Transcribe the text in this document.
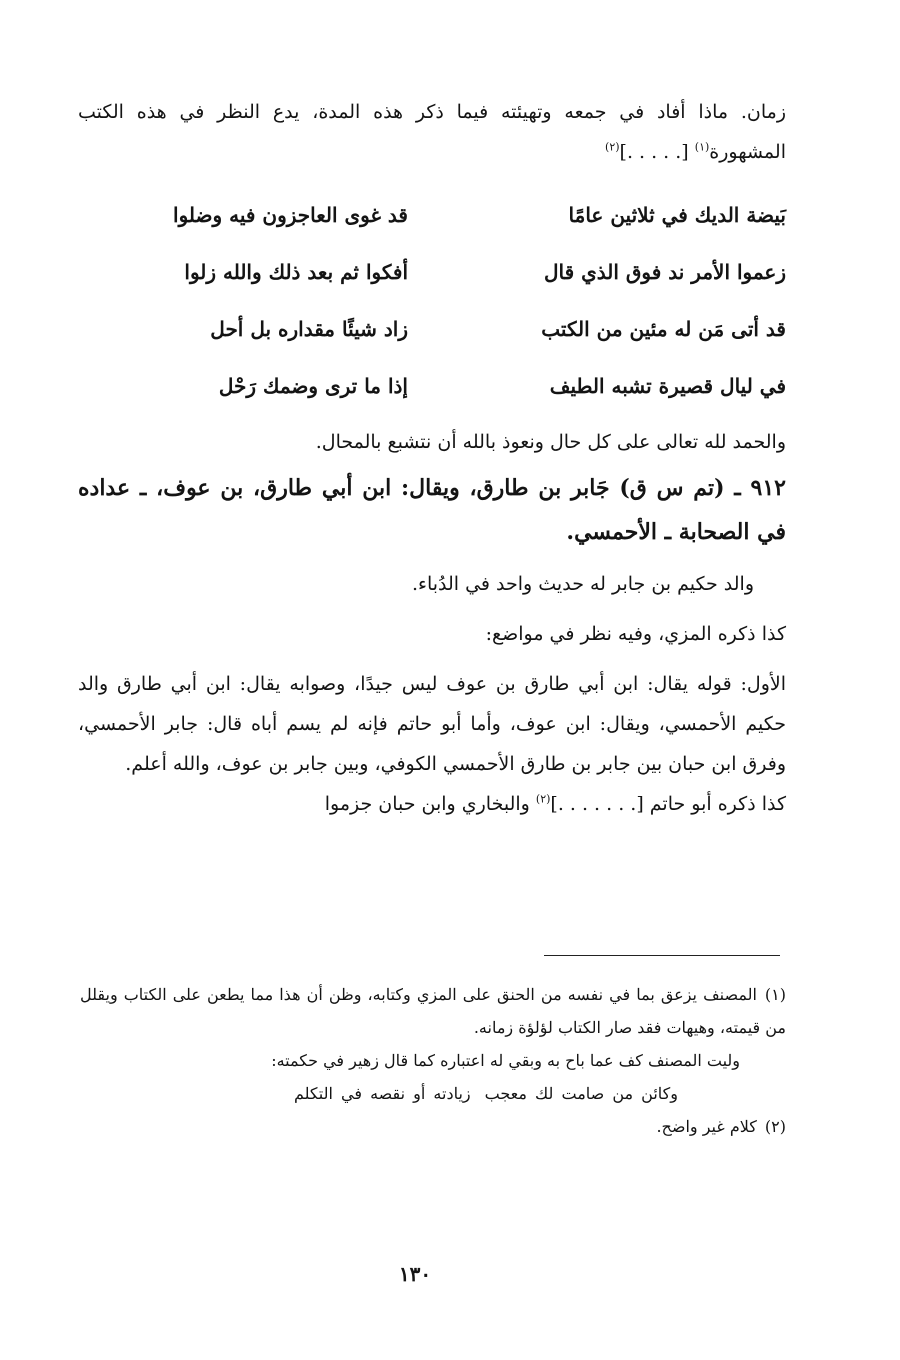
زمان. ماذا أفاد في جمعه وتهيئته فيما ذكر هذه المدة، يدع النظر في هذه الكتب المشهورة$^{(١)}$ [. . . . .]$^{(٢)}$

بَيضة الديك في ثلاثين عامًا
قد غوى العاجزون فيه وضلوا
زعموا الأمر ند فوق الذي قال
أفكوا ثم بعد ذلك والله زلوا
قد أتى مَن له مئين من الكتب
زاد شيئًا مقداره بل أحل
في ليال قصيرة تشبه الطيف
إذا ما ترى وضمك رَحْل

والحمد لله تعالى على كل حال ونعوذ بالله أن نتشبع بالمحال.

٩١٢ ـ (تم س ق) جَابر بن طارق، ويقال: ابن أبي طارق، بن عوف، ـ عداده في الصحابة ـ الأحمسي.

والد حكيم بن جابر له حديث واحد في الدُباء.

كذا ذكره المزي، وفيه نظر في مواضع:

الأول: قوله يقال: ابن أبي طارق بن عوف ليس جيدًا، وصوابه يقال: ابن أبي طارق والد حكيم الأحمسي، ويقال: ابن عوف، وأما أبو حاتم فإنه لم يسم أباه قال: جابر الأحمسي، وفرق ابن حبان بين جابر بن طارق الأحمسي الكوفي، وبين جابر بن عوف، والله أعلم.

كذا ذكره أبو حاتم [. . . . . . .]$^{(٢)}$ والبخاري وابن حبان جزموا

(١)المصنف يزعق بما في نفسه من الحنق على المزي وكتابه، وظن أن هذا مما يطعن على الكتاب ويقلل من قيمته، وهيهات فقد صار الكتاب لؤلؤة زمانه.

وليت المصنف كف عما باح به وبقي له اعتباره كما قال زهير في حكمته:

وكائن من صامت لك معجبزيادته أو نقصه في التكلم

(٢)كلام غير واضح.

١٣٠
